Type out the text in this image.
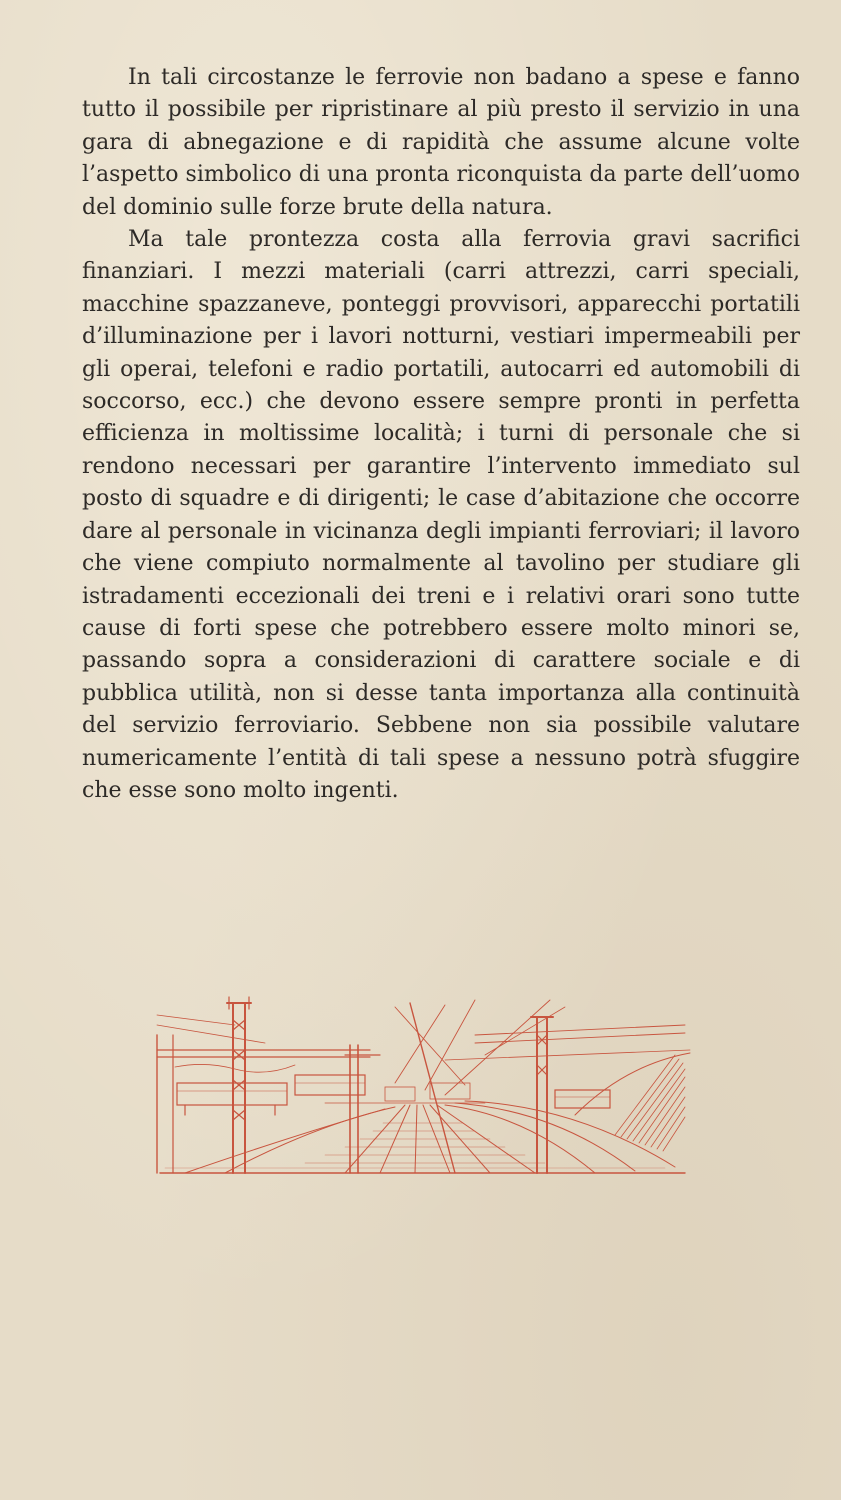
In tali circostanze le ferrovie non badano a spese e fanno tutto il possibile per ripristinare al più presto il servizio in una gara di abnegazione e di rapidità che assume alcune volte l’aspetto simbolico di una pronta riconquista da parte dell’uomo del dominio sulle forze brute della natura.

Ma tale prontezza costa alla ferrovia gravi sacrifici finanziari. I mezzi materiali (carri attrezzi, carri speciali, macchine spazzaneve, ponteggi provvisori, apparecchi portatili d’illuminazione per i lavori notturni, vestiari impermeabili per gli operai, telefoni e radio portatili, autocarri ed automobili di soccorso, ecc.) che devono essere sempre pronti in perfetta efficienza in moltissime località; i turni di personale che si rendono necessari per garantire l’intervento immediato sul posto di squadre e di dirigenti; le case d’abitazione che occorre dare al personale in vicinanza degli impianti ferroviari; il lavoro che viene compiuto normalmente al tavolino per studiare gli istradamenti eccezionali dei treni e i relativi orari sono tutte cause di forti spese che potrebbero essere molto minori se, passando sopra a considerazioni di carattere sociale e di pubblica utilità, non si desse tanta importanza alla continuità del servizio ferroviario. Sebbene non sia possibile valutare numericamente l’entità di tali spese a nessuno potrà sfuggire che esse sono molto ingenti.
